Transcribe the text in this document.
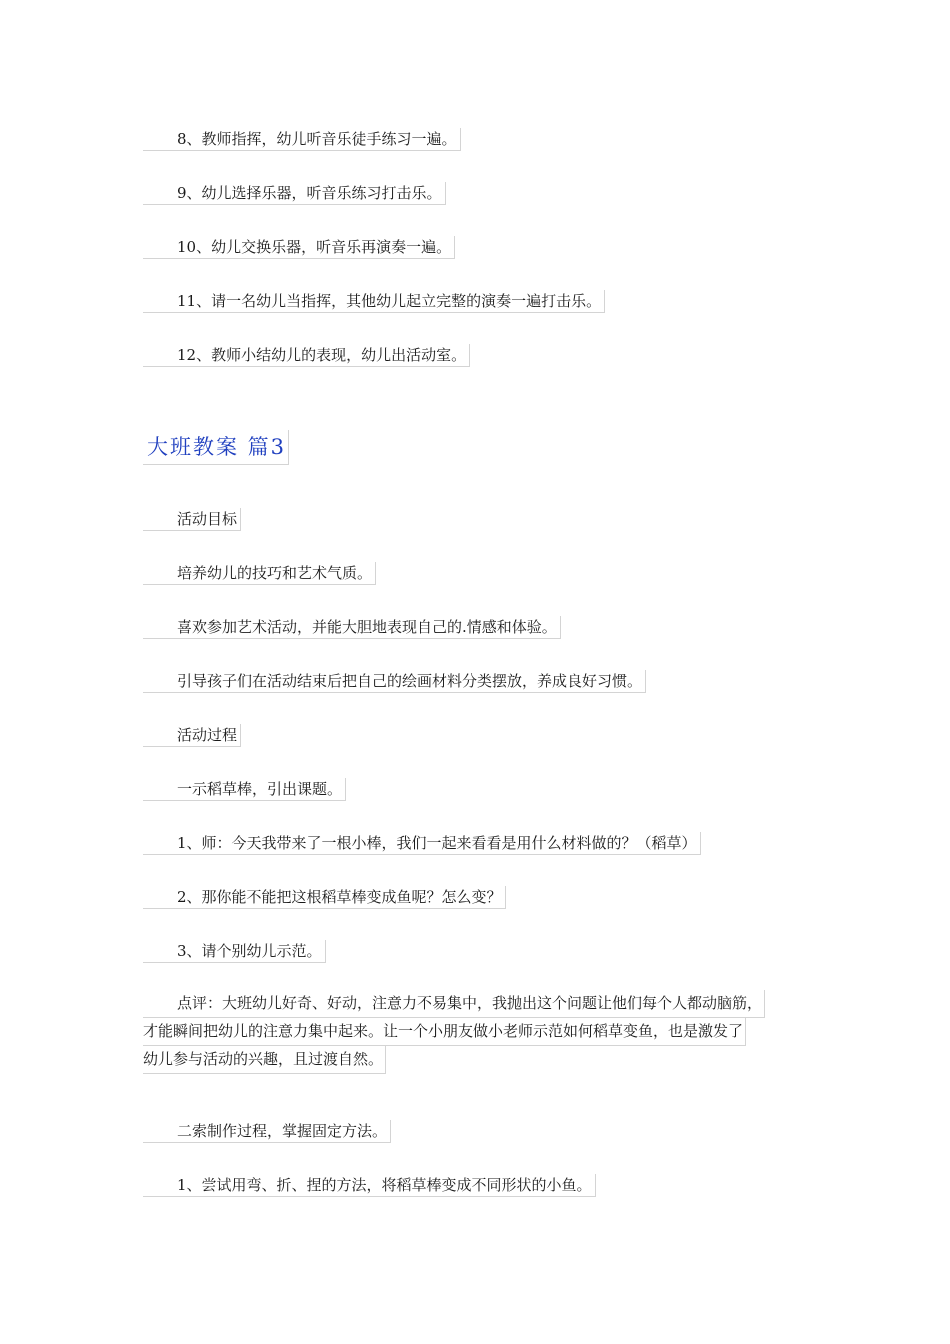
8、教师指挥，幼儿听音乐徒手练习一遍。
9、幼儿选择乐器，听音乐练习打击乐。
10、幼儿交换乐器，听音乐再演奏一遍。
11、请一名幼儿当指挥，其他幼儿起立完整的演奏一遍打击乐。
12、教师小结幼儿的表现，幼儿出活动室。
大班教案 篇3
活动目标
培养幼儿的技巧和艺术气质。
喜欢参加艺术活动，并能大胆地表现自己的.情感和体验。
引导孩子们在活动结束后把自己的绘画材料分类摆放，养成良好习惯。
活动过程
一示稻草棒，引出课题。
1、师：今天我带来了一根小棒，我们一起来看看是用什么材料做的？（稻草）
2、那你能不能把这根稻草棒变成鱼呢？怎么变？
3、请个别幼儿示范。
点评：大班幼儿好奇、好动，注意力不易集中，我抛出这个问题让他们每个人都动脑筋，
才能瞬间把幼儿的注意力集中起来。让一个小朋友做小老师示范如何稻草变鱼，也是激发了
幼儿参与活动的兴趣，且过渡自然。
二索制作过程，掌握固定方法。
1、尝试用弯、折、捏的方法，将稻草棒变成不同形状的小鱼。
